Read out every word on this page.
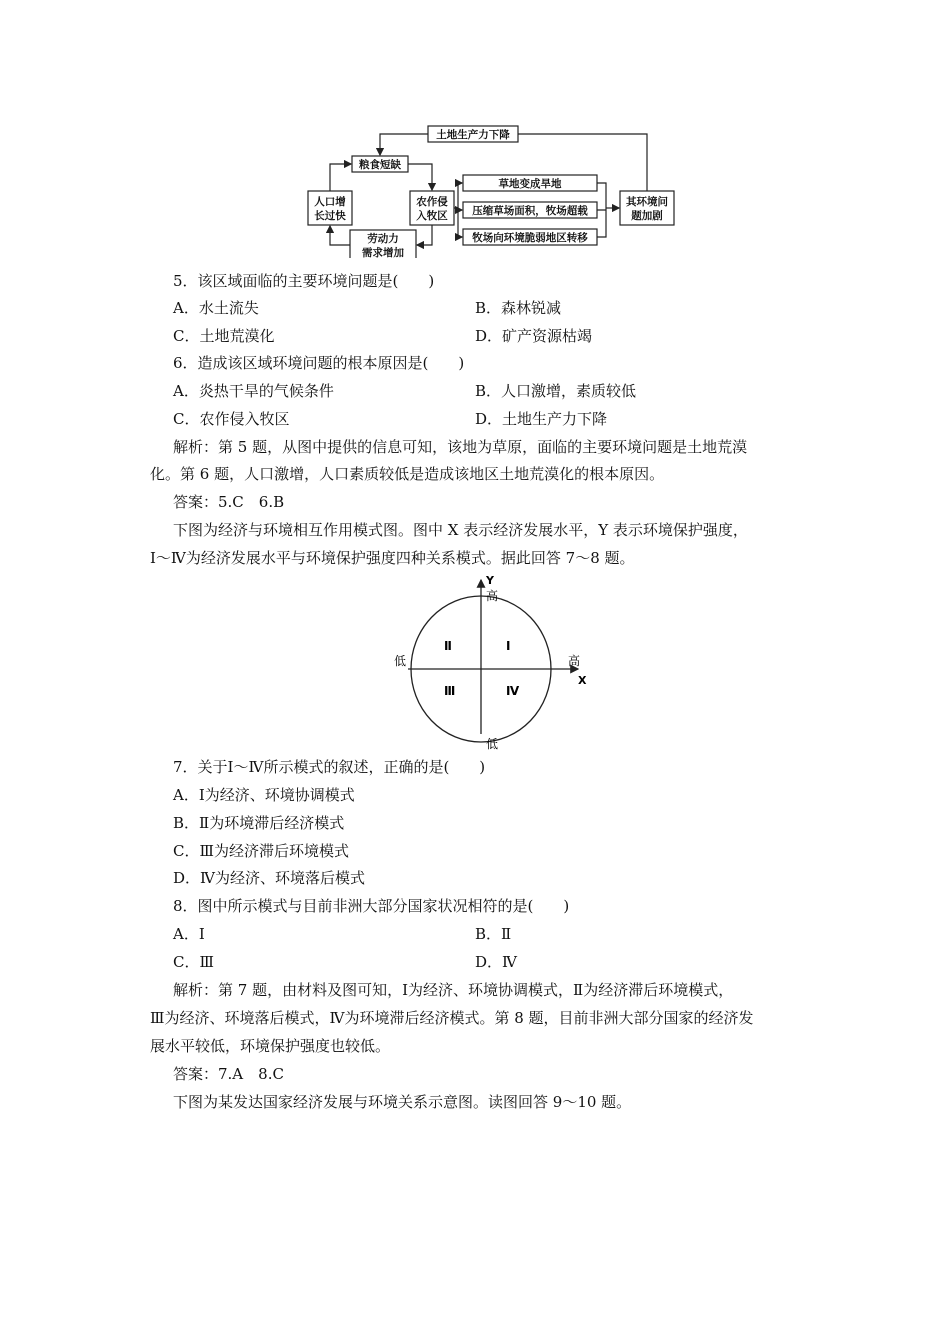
土地生产力下降
粮食短缺
人口增
长过快
农作侵
入牧区
劳动力
需求增加
草地变成旱地
压缩草场面积，牧场超载
牧场向环境脆弱地区转移
其环境问
题加剧
5．该区域面临的主要环境问题是(　　)
A．水土流失	B．森林锐减
C．土地荒漠化	D．矿产资源枯竭
6．造成该区域环境问题的根本原因是(　　)
A．炎热干旱的气候条件	B．人口激增，素质较低
C．农作侵入牧区	D．土地生产力下降
解析：第 5 题，从图中提供的信息可知，该地为草原，面临的主要环境问题是土地荒漠
化。第 6 题，人口激增，人口素质较低是造成该地区土地荒漠化的根本原因。
答案：5.C　6.B
下图为经济与环境相互作用模式图。图中 X 表示经济发展水平，Y 表示环境保护强度，
Ⅰ～Ⅳ为经济发展水平与环境保护强度四种关系模式。据此回答 7～8 题。
Y
高
低	高
X
低
Ⅰ
Ⅱ
Ⅲ	Ⅳ
7．关于Ⅰ～Ⅳ所示模式的叙述，正确的是(　　)
A．Ⅰ为经济、环境协调模式
B．Ⅱ为环境滞后经济模式
C．Ⅲ为经济滞后环境模式
D．Ⅳ为经济、环境落后模式
8．图中所示模式与目前非洲大部分国家状况相符的是(　　)
A．Ⅰ	B．Ⅱ
C．Ⅲ	D．Ⅳ
解析：第 7 题，由材料及图可知，Ⅰ为经济、环境协调模式，Ⅱ为经济滞后环境模式，
Ⅲ为经济、环境落后模式，Ⅳ为环境滞后经济模式。第 8 题，目前非洲大部分国家的经济发
展水平较低，环境保护强度也较低。
答案：7.A　8.C
下图为某发达国家经济发展与环境关系示意图。读图回答 9～10 题。
